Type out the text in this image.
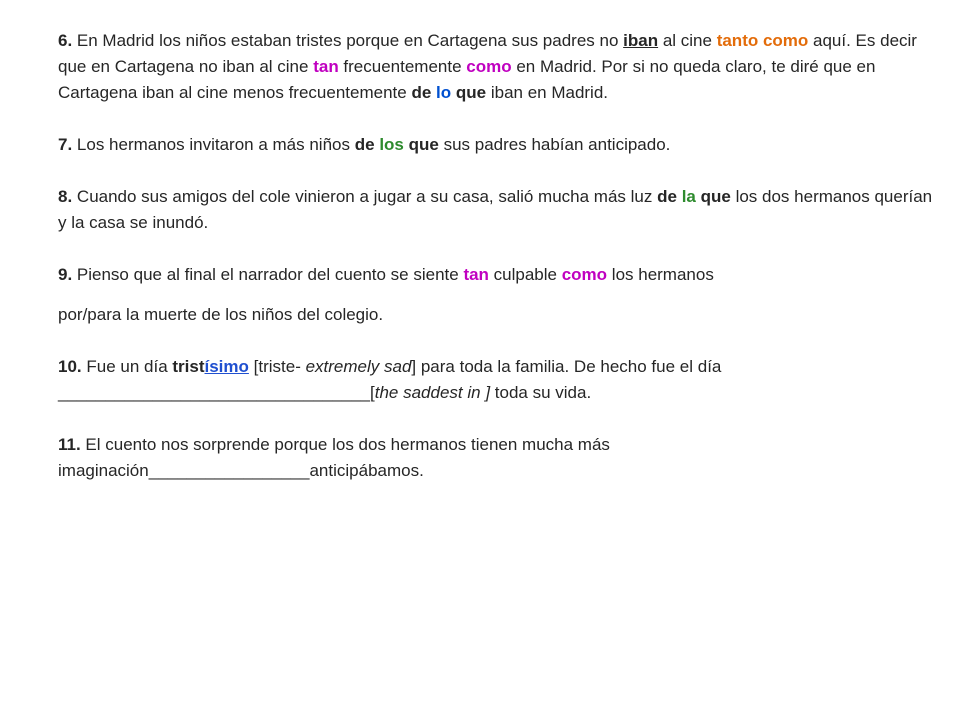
6. En Madrid los niños estaban tristes porque en Cartagena sus padres no iban al cine tanto como aquí. Es decir que en Cartagena no iban al cine tan frecuentemente como en Madrid. Por si no queda claro, te diré que en Cartagena iban al cine menos frecuentemente de lo que iban en Madrid.

7. Los hermanos invitaron a más niños de los que sus padres habían anticipado.

8. Cuando sus amigos del cole vinieron a jugar a su casa, salió mucha más luz de la que los dos hermanos querían y la casa se inundó.

9. Pienso que al final el narrador del cuento se siente tan culpable como los hermanos

por/para la muerte de los niños del colegio.

10. Fue un día tristísimo [triste- extremely sad] para toda la familia. De hecho fue el día
_________________________________[the saddest in ] toda su vida.

11. El cuento nos sorprende porque los dos hermanos tienen mucha más
imaginación_________________anticipábamos.
